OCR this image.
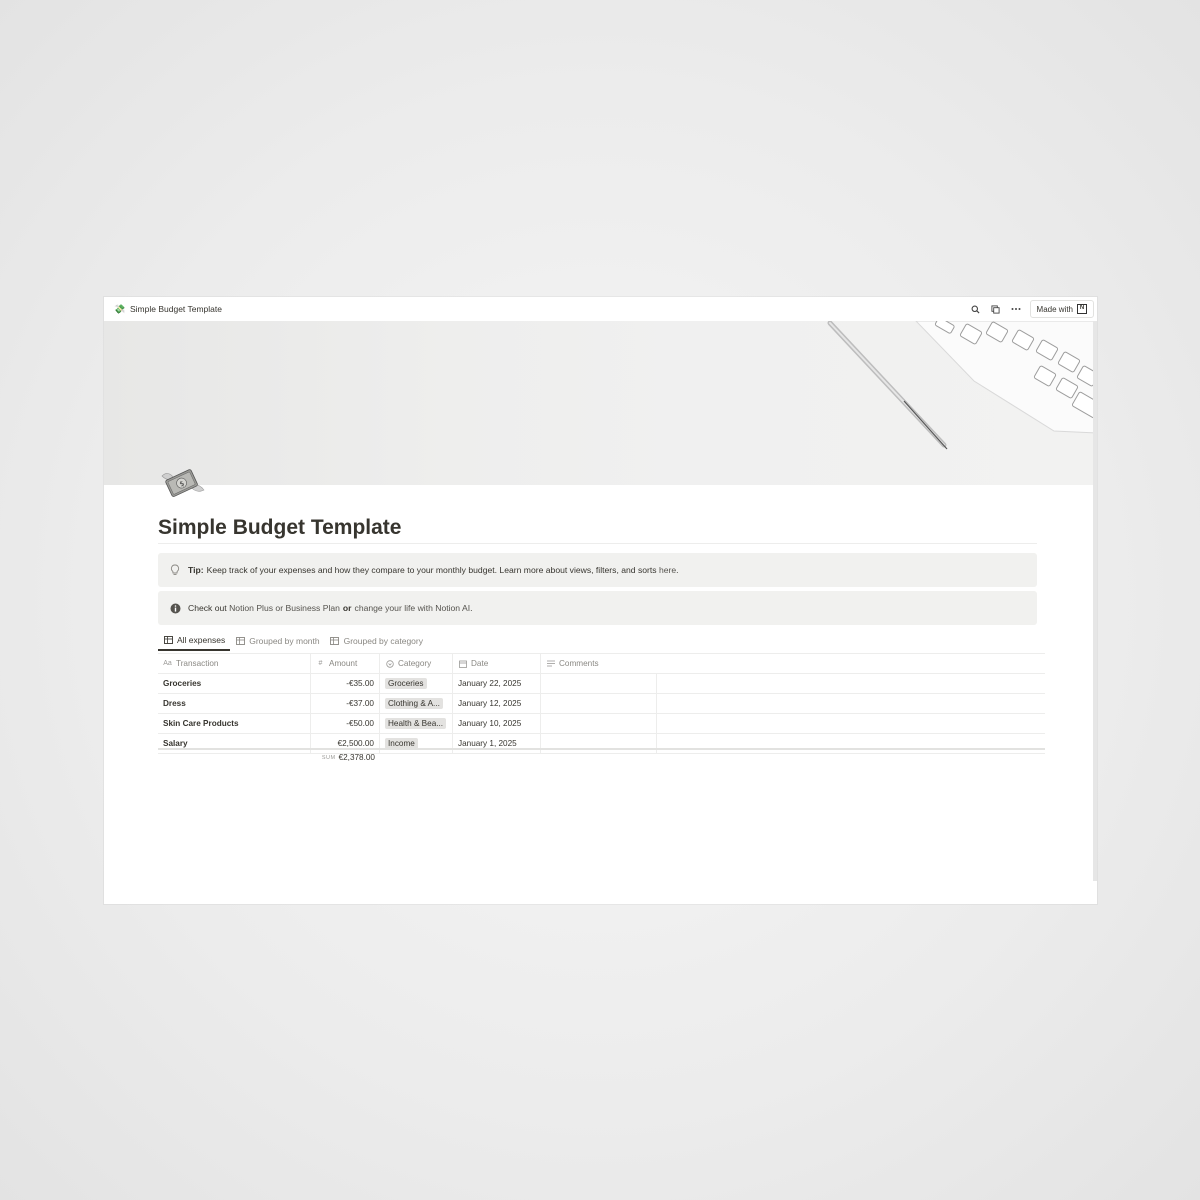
💸 Simple Budget Template	Made with	N
$
Simple Budget Template
Tip: Keep track of your expenses and how they compare to your monthly budget. Learn more about views, filters, and sorts
here .
Check out
Notion Plus or Business Plan or change your life with Notion AI .
All expenses	Grouped by month	Grouped by category
Aa Transaction	# Amount	Category	Date	Comments
Groceries	-€35.00	Groceries	January 22, 2025
Dress	-€37.00	Clothing & A...	January 12, 2025
Skin Care Products	-€50.00	Health & Bea...	January 10, 2025
Salary	€2,500.00	Income	January 1, 2025
SUM €2,378.00
